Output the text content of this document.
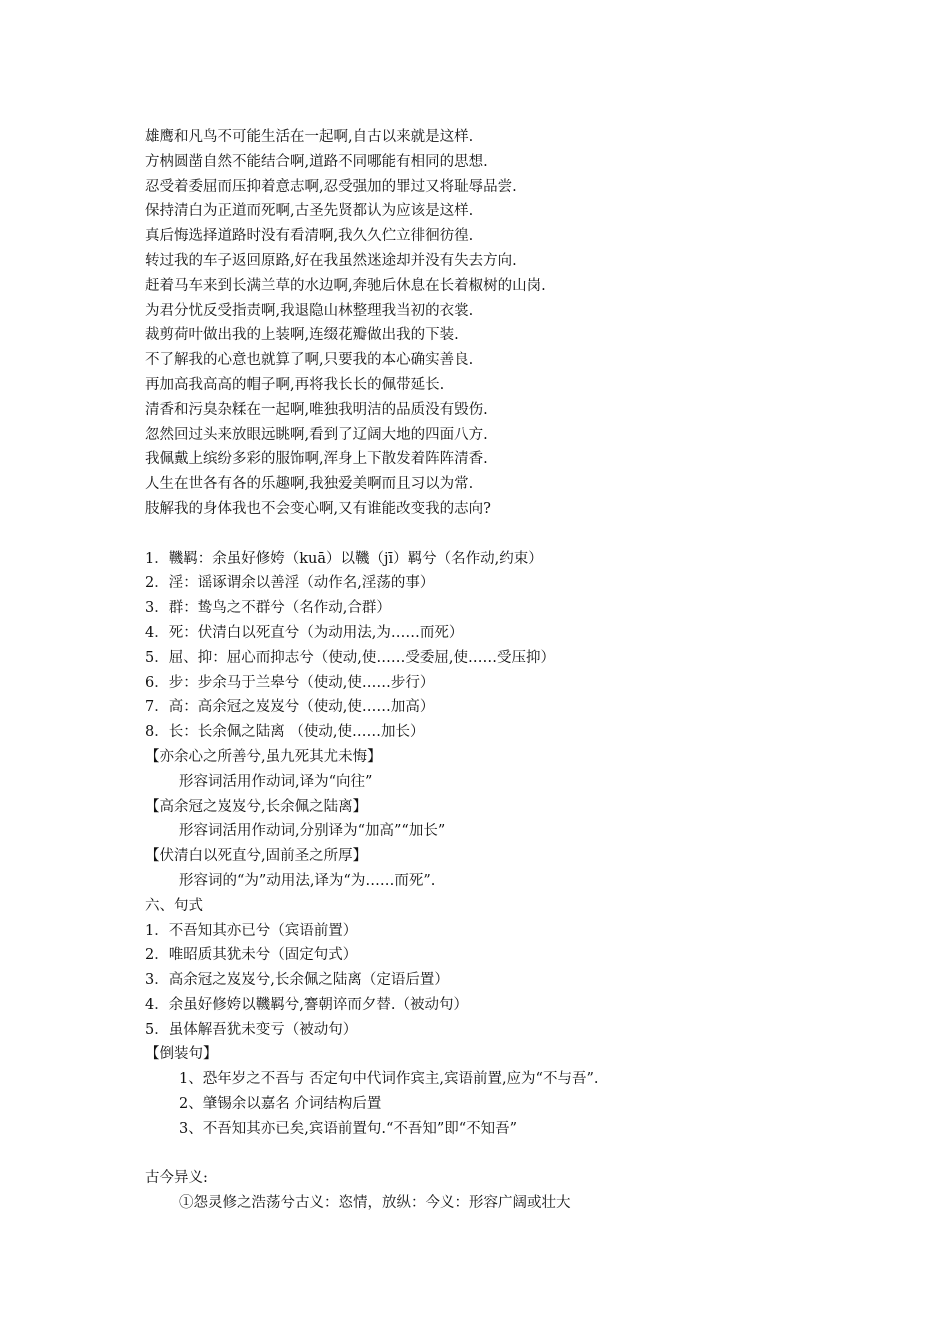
雄鹰和凡鸟不可能生活在一起啊,自古以来就是这样.
方枘圆凿自然不能结合啊,道路不同哪能有相同的思想.
忍受着委屈而压抑着意志啊,忍受强加的罪过又将耻辱品尝.
保持清白为正道而死啊,古圣先贤都认为应该是这样.
真后悔选择道路时没有看清啊,我久久伫立徘徊彷徨.
转过我的车子返回原路,好在我虽然迷途却并没有失去方向.
赶着马车来到长满兰草的水边啊,奔驰后休息在长着椒树的山岗.
为君分忧反受指责啊,我退隐山林整理我当初的衣裳.
裁剪荷叶做出我的上装啊,连缀花瓣做出我的下装.
不了解我的心意也就算了啊,只要我的本心确实善良.
再加高我高高的帽子啊,再将我长长的佩带延长.
清香和污臭杂糅在一起啊,唯独我明洁的品质没有毁伤.
忽然回过头来放眼远眺啊,看到了辽阔大地的四面八方.
我佩戴上缤纷多彩的服饰啊,浑身上下散发着阵阵清香.
人生在世各有各的乐趣啊,我独爱美啊而且习以为常.
肢解我的身体我也不会变心啊,又有谁能改变我的志向?
1．鞿羁：余虽好修姱（kuā）以鞿（jī）羁兮（名作动,约束）
2．淫：谣诼谓余以善淫（动作名,淫荡的事）
3．群：鸷鸟之不群兮（名作动,合群）
4．死：伏清白以死直兮（为动用法,为……而死）
5．屈、抑：屈心而抑志兮（使动,使……受委屈,使……受压抑）
6．步：步余马于兰皋兮（使动,使……步行）
7．高：高余冠之岌岌兮（使动,使……加高）
8．长：长余佩之陆离 （使动,使……加长）
【亦余心之所善兮,虽九死其尤未悔】
形容词活用作动词,译为“向往”
【高余冠之岌岌兮,长余佩之陆离】
形容词活用作动词,分别译为“加高”“加长”
【伏清白以死直兮,固前圣之所厚】
形容词的“为”动用法,译为“为……而死”.
六、句式
1．不吾知其亦已兮（宾语前置）
2．唯昭质其犹未兮（固定句式）
3．高余冠之岌岌兮,长余佩之陆离（定语后置）
4．余虽好修姱以鞿羁兮,謇朝谇而夕替.（被动句）
5．虽体解吾犹未变亏（被动句）
【倒装句】
1、恐年岁之不吾与 否定句中代词作宾主,宾语前置,应为“不与吾”.
2、肇锡余以嘉名 介词结构后置
3、不吾知其亦已矣,宾语前置句.“不吾知”即“不知吾”
古今异义:
①怨灵修之浩荡兮古义：恣情，放纵：今义：形容广阔或壮大
